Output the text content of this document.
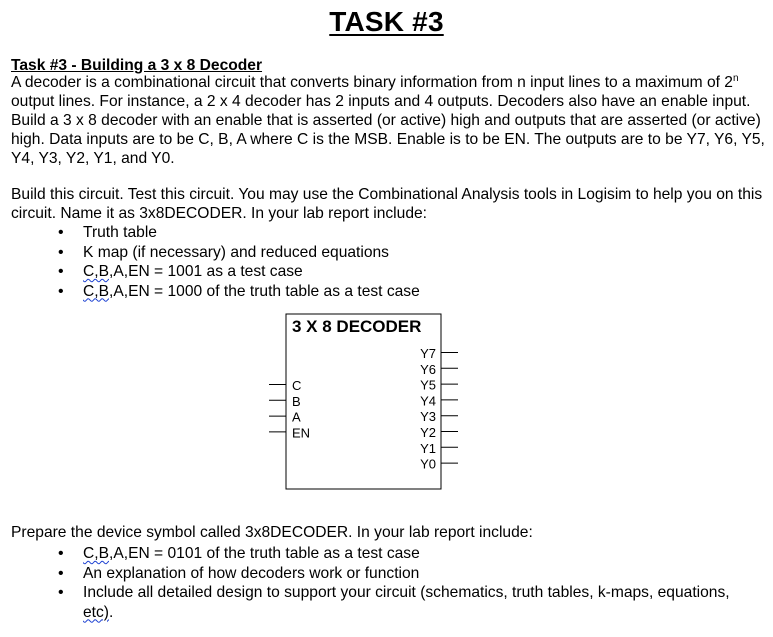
TASK #3
Task #3 - Building a 3 x 8 Decoder

A decoder is a combinational circuit that converts binary information from n input lines to a maximum of 2$^n$ output lines. For instance, a 2 x 4 decoder has 2 inputs and 4 outputs. Decoders also have an enable input. Build a 3 x 8 decoder with an enable that is asserted (or active) high and outputs that are asserted (or active) high. Data inputs are to be C, B, A where C is the MSB. Enable is to be EN. The outputs are to be Y7, Y6, Y5, Y4, Y3, Y2, Y1, and Y0.

Build this circuit. Test this circuit. You may use the Combinational Analysis tools in Logisim to help you on this circuit. Name it as 3x8DECODER. In your lab report include:

• Truth table
• K map (if necessary) and reduced equations
• C,B,A,EN = 1001 as a test case
• C,B,A,EN = 1000 of the truth table as a test case
3 X 8 DECODER
C
B
A
EN
Y7
Y6
Y5
Y4
Y3
Y2
Y1
Y0

Prepare the device symbol called 3x8DECODER. In your lab report include:

• C,B,A,EN = 0101 of the truth table as a test case
• An explanation of how decoders work or function
• Include all detailed design to support your circuit (schematics, truth tables, k-maps, equations, etc).
